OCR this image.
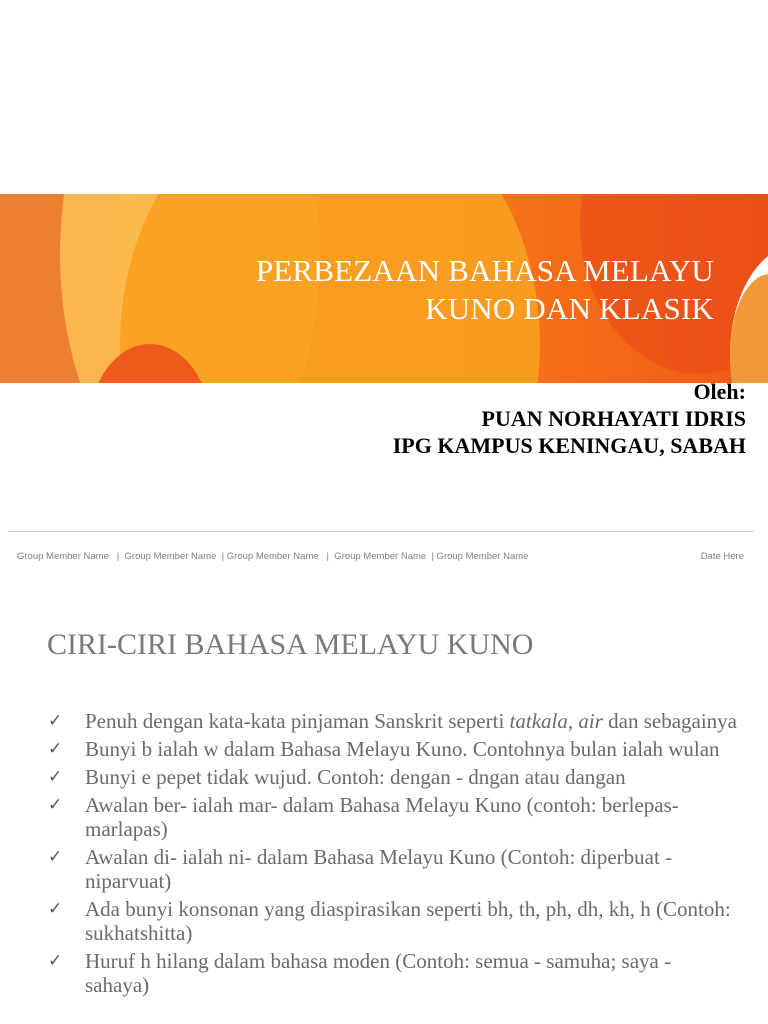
PERBEZAAN BAHASA MELAYU
KUNO DAN KLASIK
Oleh:
PUAN NORHAYATI IDRIS
IPG KAMPUS KENINGAU, SABAH
Group Member Name   |  Group Member Name  | Group Member Name   |  Group Member Name  | Group Member Name	Date Here
CIRI-CIRI BAHASA MELAYU KUNO
✓	Penuh dengan kata-kata pinjaman Sanskrit seperti tatkala, air dan sebagainya
✓	Bunyi b ialah w dalam Bahasa Melayu Kuno. Contohnya bulan ialah wulan
✓	Bunyi e pepet tidak wujud. Contoh: dengan - dngan atau dangan
✓	Awalan ber- ialah mar- dalam Bahasa Melayu Kuno (contoh: berlepas-marlapas)
✓	Awalan di- ialah ni- dalam Bahasa Melayu Kuno (Contoh: diperbuat - niparvuat)
✓	Ada bunyi konsonan yang diaspirasikan seperti bh, th, ph, dh, kh, h (Contoh: sukhatshitta)
✓	Huruf h hilang dalam bahasa moden (Contoh: semua - samuha; saya - sahaya)
